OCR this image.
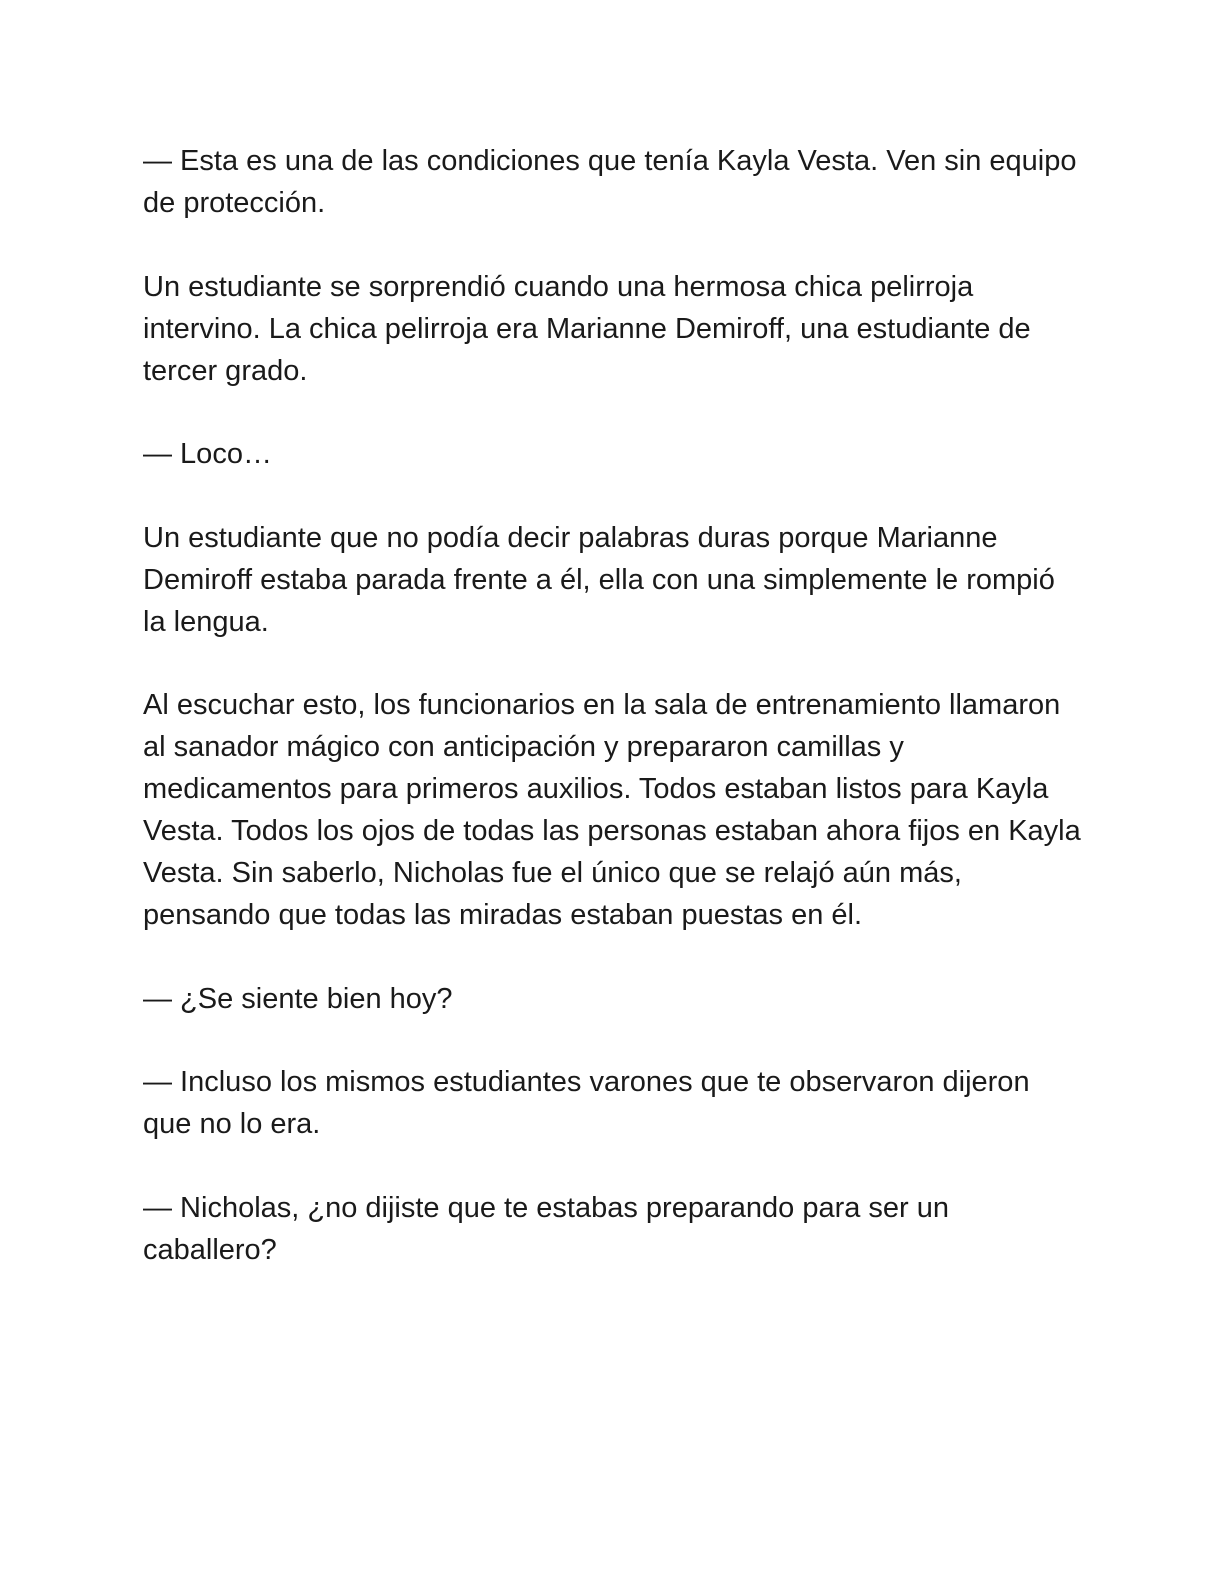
— Esta es una de las condiciones que tenía Kayla Vesta. Ven sin equipo de protección.

Un estudiante se sorprendió cuando una hermosa chica pelirroja intervino. La chica pelirroja era Marianne Demiroff, una estudiante de tercer grado.

— Loco…

Un estudiante que no podía decir palabras duras porque Marianne Demiroff estaba parada frente a él, ella con una simplemente le rompió la lengua.

Al escuchar esto, los funcionarios en la sala de entrenamiento llamaron al sanador mágico con anticipación y prepararon camillas y medicamentos para primeros auxilios. Todos estaban listos para Kayla Vesta. Todos los ojos de todas las personas estaban ahora fijos en Kayla Vesta. Sin saberlo, Nicholas fue el único que se relajó aún más, pensando que todas las miradas estaban puestas en él.

— ¿Se siente bien hoy?

— Incluso los mismos estudiantes varones que te observaron dijeron que no lo era.

— Nicholas, ¿no dijiste que te estabas preparando para ser un caballero?
